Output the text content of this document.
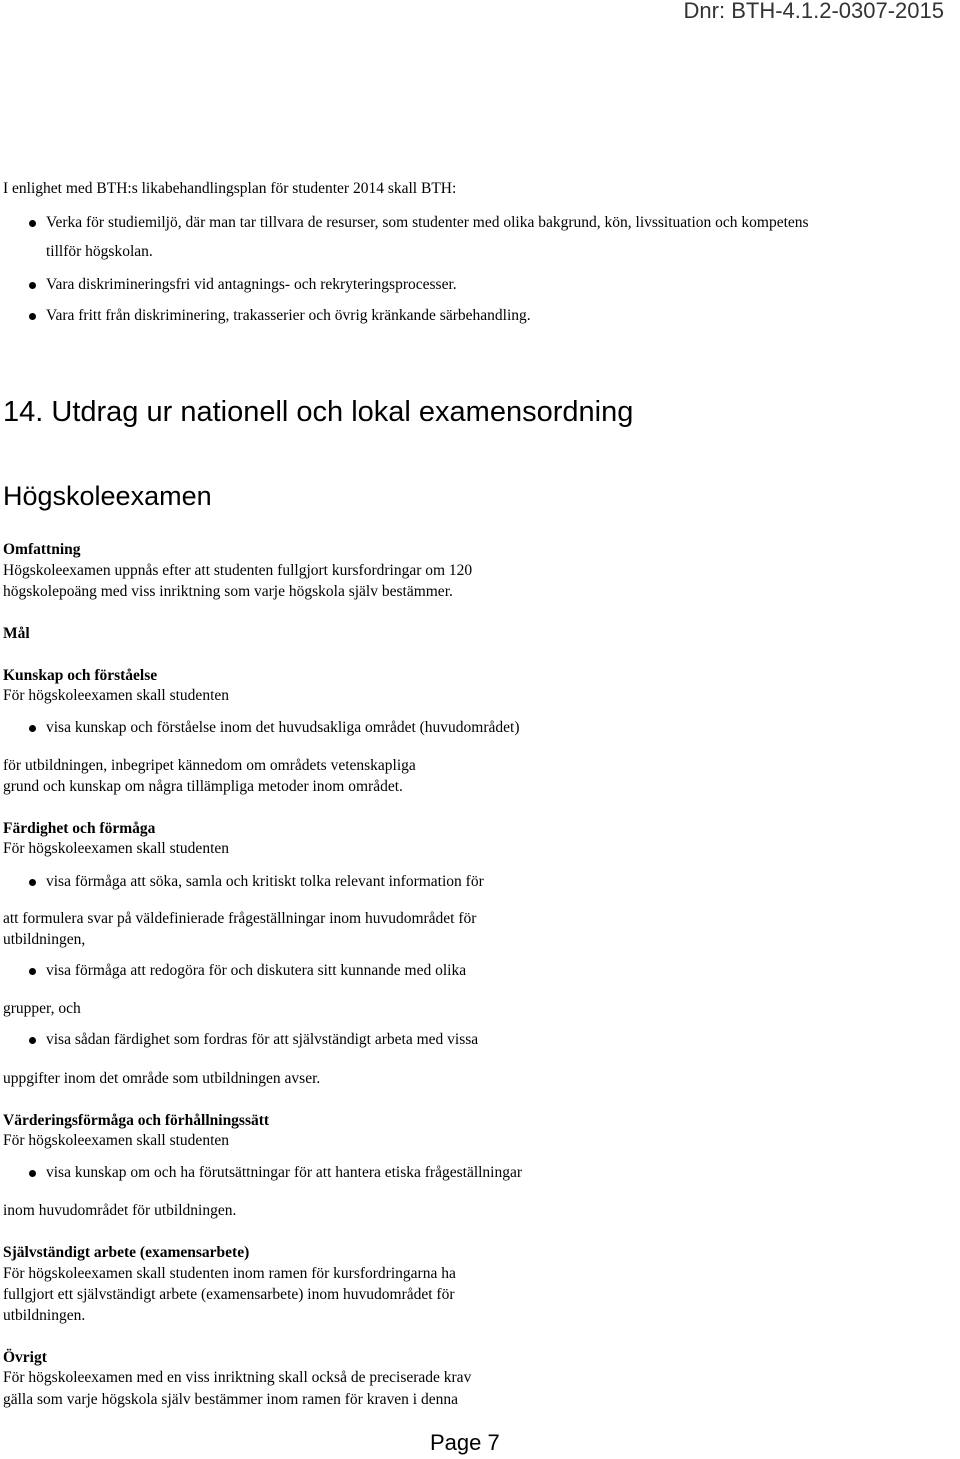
Dnr: BTH-4.1.2-0307-2015
I enlighet med BTH:s likabehandlingsplan för studenter 2014 skall BTH:
Verka för studiemiljö, där man tar tillvara de resurser, som studenter med olika bakgrund, kön, livssituation och kompetens
tillför högskolan.
Vara diskrimineringsfri vid antagnings- och rekryteringsprocesser.
Vara fritt från diskriminering, trakasserier och övrig kränkande särbehandling.
14. Utdrag ur nationell och lokal examensordning
Högskoleexamen
Omfattning
Högskoleexamen uppnås efter att studenten fullgjort kursfordringar om 120
högskolepoäng med viss inriktning som varje högskola själv bestämmer.
Mål
Kunskap och förståelse
För högskoleexamen skall studenten
visa kunskap och förståelse inom det huvudsakliga området (huvudområdet)
för utbildningen, inbegripet kännedom om områdets vetenskapliga
grund och kunskap om några tillämpliga metoder inom området.
Färdighet och förmåga
För högskoleexamen skall studenten
visa förmåga att söka, samla och kritiskt tolka relevant information för
att formulera svar på väldefinierade frågeställningar inom huvudområdet för
utbildningen,
visa förmåga att redogöra för och diskutera sitt kunnande med olika
grupper, och
visa sådan färdighet som fordras för att självständigt arbeta med vissa
uppgifter inom det område som utbildningen avser.
Värderingsförmåga och förhållningssätt
För högskoleexamen skall studenten
visa kunskap om och ha förutsättningar för att hantera etiska frågeställningar
inom huvudområdet för utbildningen.
Självständigt arbete (examensarbete)
För högskoleexamen skall studenten inom ramen för kursfordringarna ha
fullgjort ett självständigt arbete (examensarbete) inom huvudområdet för
utbildningen.
Övrigt
För högskoleexamen med en viss inriktning skall också de preciserade krav
gälla som varje högskola själv bestämmer inom ramen för kraven i denna
Page 7
